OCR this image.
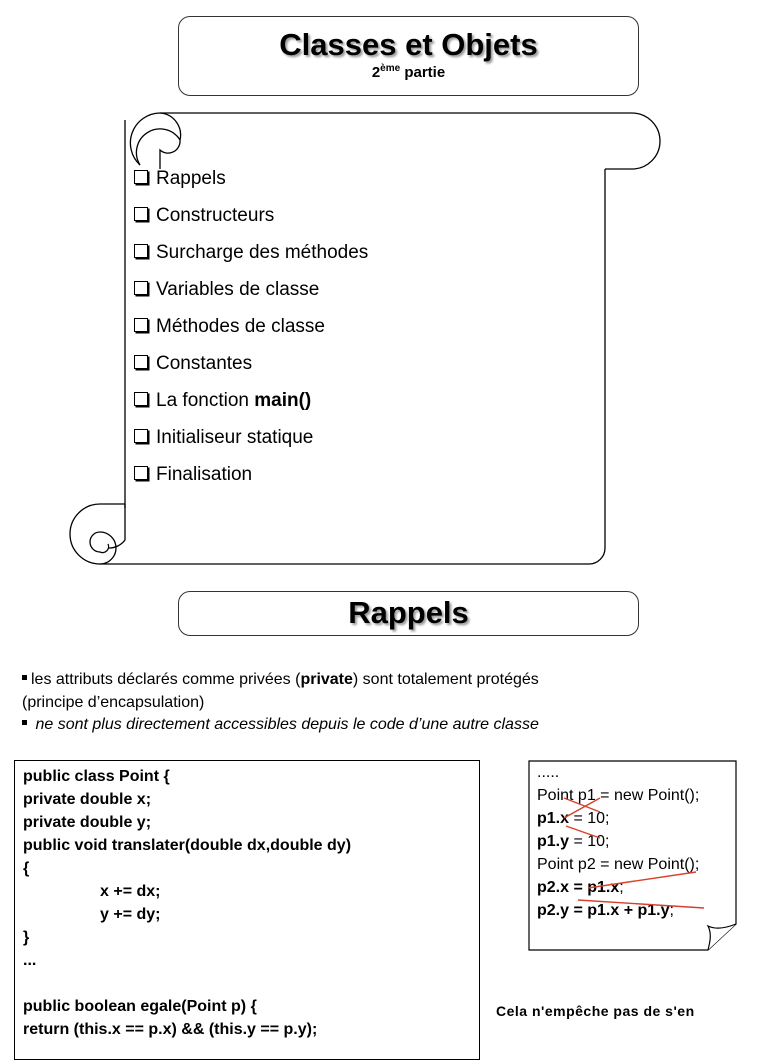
Classes et Objets
2ème partie
Rappels
Constructeurs
Surcharge des méthodes
Variables de classe
Méthodes de classe
Constantes
La fonction main()
Initialiseur statique
Finalisation
Rappels
les attributs déclarés comme privées (private) sont totalement protégés
(principe d’encapsulation)
ne sont plus directement accessibles depuis le code d’une autre classe
public class Point {
private double x;
private double y;
public void translater(double dx,double dy)
{
x += dx;
y += dy;
}
...
public boolean egale(Point p) {
return (this.x == p.x) && (this.y == p.y);
.....
Point p1 = new Point();
p1.x = 10;
p1.y = 10;
Point p2 = new Point();
p2.x = p1.x;
p2.y = p1.x + p1.y;
Cela n'empêche pas de s'en
